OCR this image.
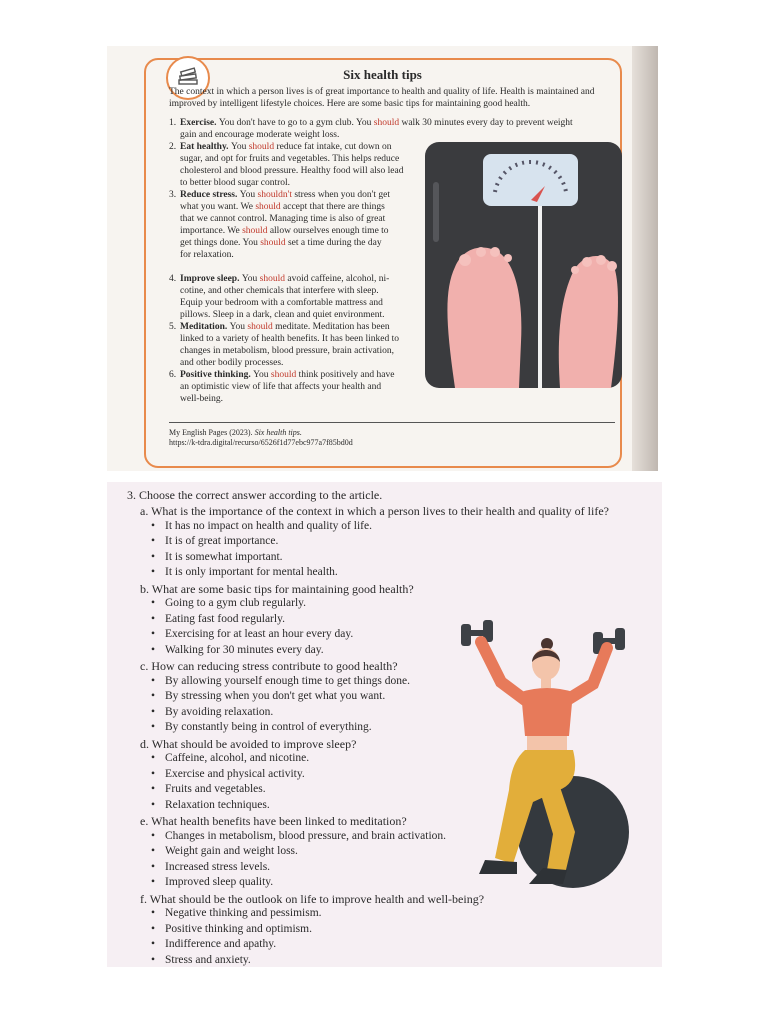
Six health tips
The context in which a person lives is of great importance to health and quality of life. Health is maintained and improved by intelligent lifestyle choices. Here are some basic tips for maintaining good health.
1. Exercise. You don't have to go to a gym club. You should walk 30 minutes every day to prevent weight
gain and encourage moderate weight loss.
2. Eat healthy. You should reduce fat intake, cut down on
sugar, and opt for fruits and vegetables. This helps reduce
cholesterol and blood pressure. Healthy food will also lead
to better blood sugar control.
3. Reduce stress. You shouldn't stress when you don't get
what you want. We should accept that there are things
that we cannot control. Managing time is also of great
importance. We should allow ourselves enough time to
get things done. You should set a time during the day
for relaxation.
4. Improve sleep. You should avoid caffeine, alcohol, ni-
cotine, and other chemicals that interfere with sleep.
Equip your bedroom with a comfortable mattress and
pillows. Sleep in a dark, clean and quiet environment.
5. Meditation. You should meditate. Meditation has been
linked to a variety of health benefits. It has been linked to
changes in metabolism, blood pressure, brain activation,
and other bodily processes.
6. Positive thinking. You should think positively and have
an optimistic view of life that affects your health and
well-being.
My English Pages (2023). Six health tips.
https://k-tdra.digital/recurso/6526f1d77ebc977a7f85bd0d
3. Choose the correct answer according to the article.
a. What is the importance of the context in which a person lives to their health and quality of life?
• It has no impact on health and quality of life.
• It is of great importance.
• It is somewhat important.
• It is only important for mental health.
b. What are some basic tips for maintaining good health?
• Going to a gym club regularly.
• Eating fast food regularly.
• Exercising for at least an hour every day.
• Walking for 30 minutes every day.
c. How can reducing stress contribute to good health?
• By allowing yourself enough time to get things done.
• By stressing when you don't get what you want.
• By avoiding relaxation.
• By constantly being in control of everything.
d. What should be avoided to improve sleep?
• Caffeine, alcohol, and nicotine.
• Exercise and physical activity.
• Fruits and vegetables.
• Relaxation techniques.
e. What health benefits have been linked to meditation?
• Changes in metabolism, blood pressure, and brain activation.
• Weight gain and weight loss.
• Increased stress levels.
• Improved sleep quality.
f. What should be the outlook on life to improve health and well-being?
• Negative thinking and pessimism.
• Positive thinking and optimism.
• Indifference and apathy.
• Stress and anxiety.
